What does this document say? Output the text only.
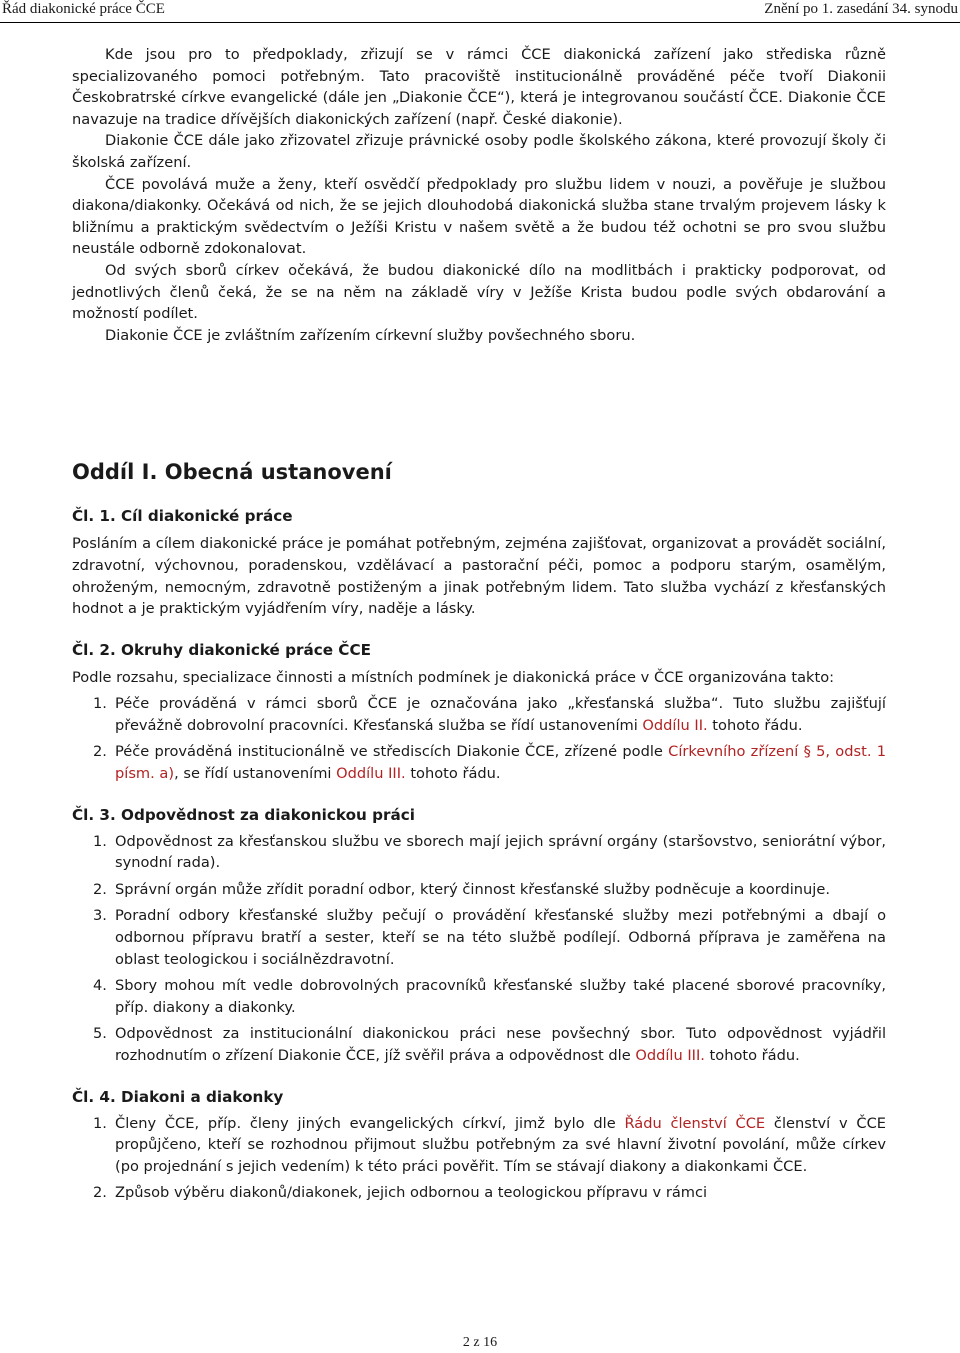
Řád diakonické práce ČCE	Znění po 1. zasedání 34. synodu

Kde jsou pro to předpoklady, zřizují se v rámci ČCE diakonická zařízení jako střediska různě specializovaného pomoci potřebným. Tato pracoviště institucionálně prováděné péče tvoří Diakonii Českobratrské církve evangelické (dále jen „Diakonie ČCE“), která je integrovanou součástí ČCE. Diakonie ČCE navazuje na tradice dřívějších diakonických zařízení (např. České diakonie).

Diakonie ČCE dále jako zřizovatel zřizuje právnické osoby podle školského zákona, které provozují školy či školská zařízení.

ČCE povolává muže a ženy, kteří osvědčí předpoklady pro službu lidem v nouzi, a pověřuje je službou diakona/diakonky. Očekává od nich, že se jejich dlouhodobá diakonická služba stane trvalým projevem lásky k bližnímu a praktickým svědectvím o Ježíši Kristu v našem světě a že budou též ochotni se pro svou službu neustále odborně zdokonalovat.

Od svých sborů církev očekává, že budou diakonické dílo na modlitbách i prakticky podporovat, od jednotlivých členů čeká, že se na něm na základě víry v Ježíše Krista budou podle svých obdarování a možností podílet.

Diakonie ČCE je zvláštním zařízením církevní služby povšechného sboru.

Oddíl I. Obecná ustanovení
Čl. 1. Cíl diakonické práce

Posláním a cílem diakonické práce je pomáhat potřebným, zejména zajišťovat, organizovat a provádět sociální, zdravotní, výchovnou, poradenskou, vzdělávací a pastorační péči, pomoc a podporu starým, osamělým, ohroženým, nemocným, zdravotně postiženým a jinak potřebným lidem. Tato služba vychází z křesťanských hodnot a je praktickým vyjádřením víry, naděje a lásky.

Čl. 2. Okruhy diakonické práce ČCE

Podle rozsahu, specializace činnosti a místních podmínek je diakonická práce v ČCE organizována takto:

1. Péče prováděná v rámci sborů ČCE je označována jako „křesťanská služba“. Tuto službu zajišťují převážně dobrovolní pracovníci. Křesťanská služba se řídí ustanoveními Oddílu II. tohoto řádu.
2. Péče prováděná institucionálně ve střediscích Diakonie ČCE, zřízené podle Církevního zřízení § 5, odst. 1 písm. a), se řídí ustanoveními Oddílu III. tohoto řádu.
Čl. 3. Odpovědnost za diakonickou práci
1. Odpovědnost za křesťanskou službu ve sborech mají jejich správní orgány (staršovstvo, seniorátní výbor, synodní rada).
2. Správní orgán může zřídit poradní odbor, který činnost křesťanské služby podněcuje a koordinuje.
3. Poradní odbory křesťanské služby pečují o provádění křesťanské služby mezi potřebnými a dbají o odbornou přípravu bratří a sester, kteří se na této službě podílejí. Odborná příprava je zaměřena na oblast teologickou i sociálnězdravotní.
4. Sbory mohou mít vedle dobrovolných pracovníků křesťanské služby také placené sborové pracovníky, příp. diakony a diakonky.
5. Odpovědnost za institucionální diakonickou práci nese povšechný sbor. Tuto odpovědnost vyjádřil rozhodnutím o zřízení Diakonie ČCE, jíž svěřil práva a odpovědnost dle Oddílu III. tohoto řádu.
Čl. 4. Diakoni a diakonky
1. Členy ČCE, příp. členy jiných evangelických církví, jimž bylo dle Řádu členství ČCE členství v ČCE propůjčeno, kteří se rozhodnou přijmout službu potřebným za své hlavní životní povolání, může církev (po projednání s jejich vedením) k této práci pověřit. Tím se stávají diakony a diakonkami ČCE.
2. Způsob výběru diakonů/diakonek, jejich odbornou a teologickou přípravu v rámci
2 z 16
